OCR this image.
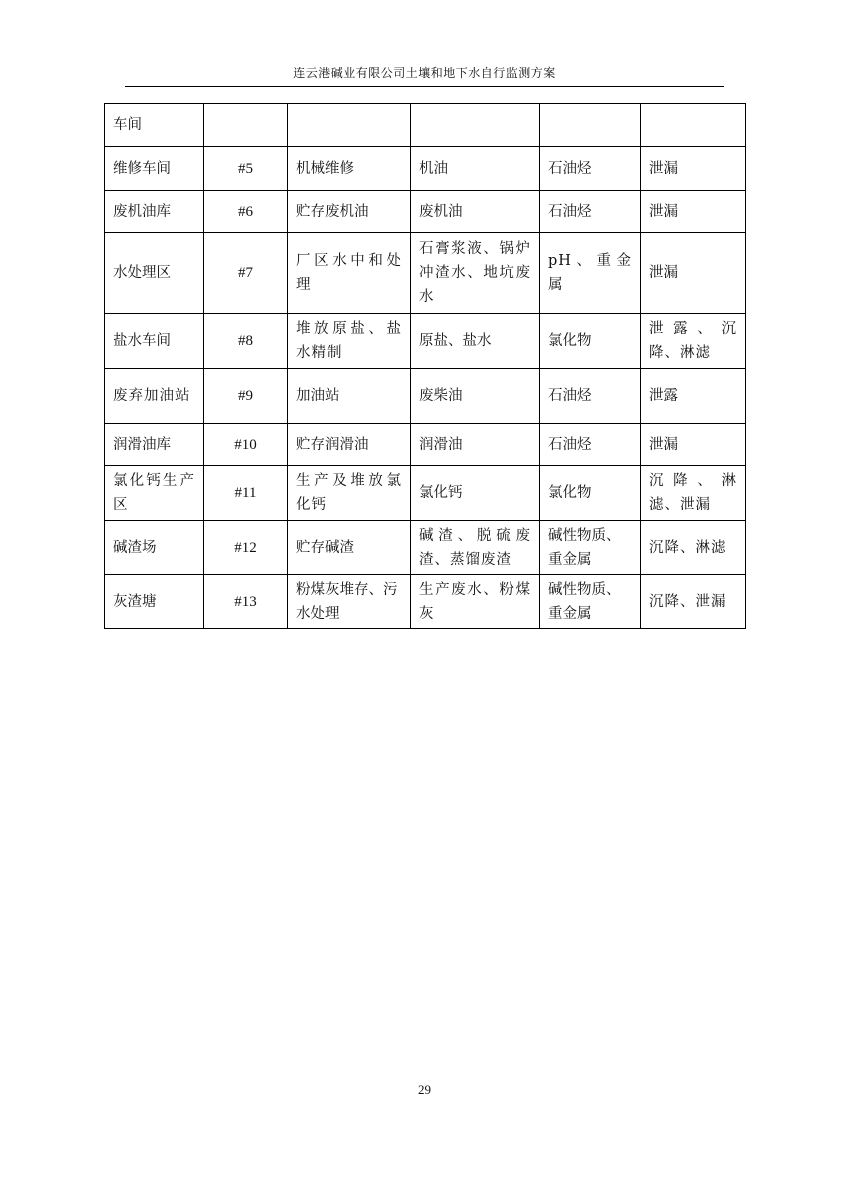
连云港碱业有限公司土壤和地下水自行监测方案
车间					
维修车间	#5	机械维修	机油	石油烃	泄漏
废机油库	#6	贮存废机油	废机油	石油烃	泄漏
水处理区	#7	厂区水中和处理	石膏浆液、锅炉冲渣水、地坑废水	pH、重金属	泄漏
盐水车间	#8	堆放原盐、盐水精制	原盐、盐水	氯化物	泄露、沉降、淋滤
废弃加油站	#9	加油站	废柴油	石油烃	泄露
润滑油库	#10	贮存润滑油	润滑油	石油烃	泄漏
氯化钙生产区	#11	生产及堆放氯化钙	氯化钙	氯化物	沉降、淋滤、泄漏
碱渣场	#12	贮存碱渣	碱渣、脱硫废渣、蒸馏废渣	碱性物质、重金属	沉降、淋滤
灰渣塘	#13	粉煤灰堆存、污水处理	生产废水、粉煤灰	碱性物质、重金属	沉降、泄漏
29
